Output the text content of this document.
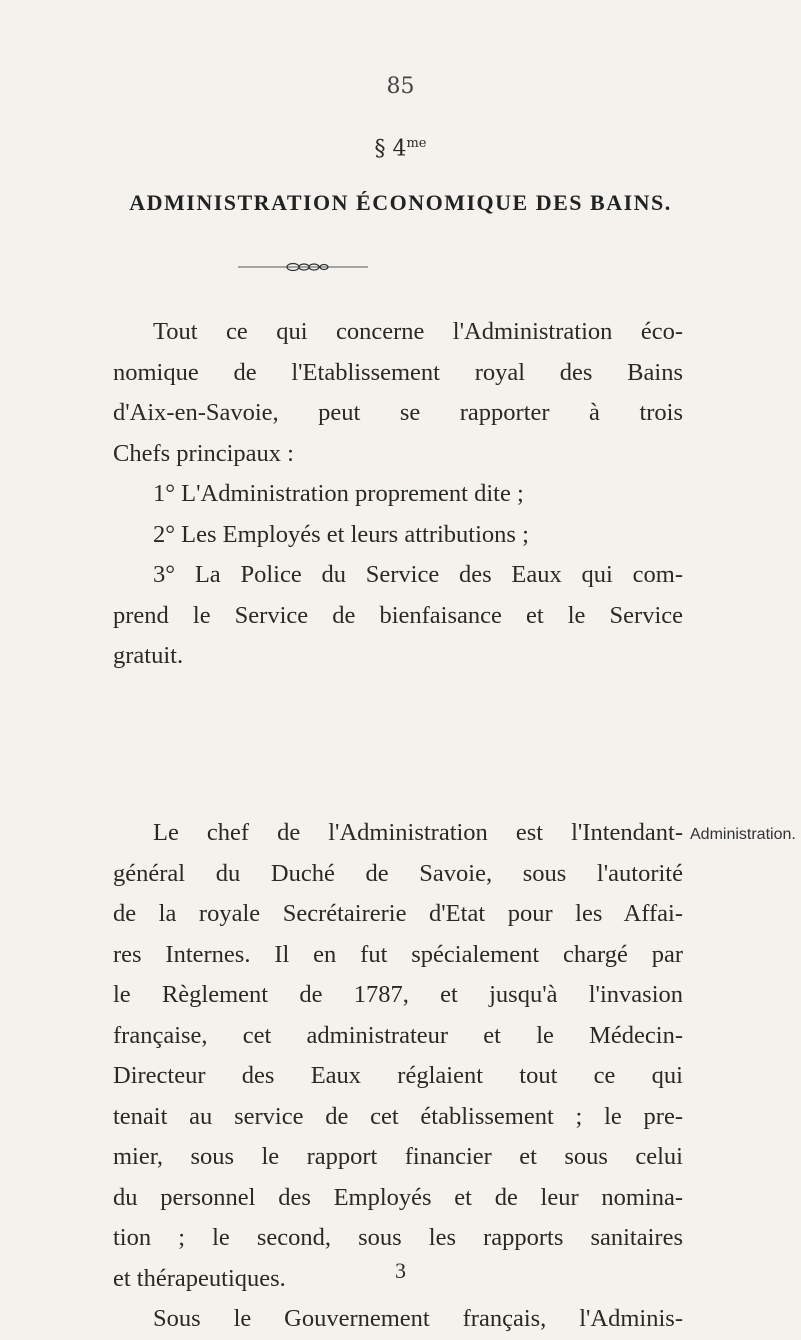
85
§ $4^{me}$
ADMINISTRATION ÉCONOMIQUE DES BAINS.
Tout ce qui concerne l'Administration éco-
nomique de l'Etablissement royal des Bains
d'Aix-en-Savoie, peut se rapporter à trois
Chefs principaux :
1° L'Administration proprement dite ;
2° Les Employés et leurs attributions ;
3° La Police du Service des Eaux qui com-
prend le Service de bienfaisance et le Service
gratuit.
Le chef de l'Administration est l'Intendant-
général du Duché de Savoie, sous l'autorité
de la royale Secrétairerie d'Etat pour les Affai-
res Internes. Il en fut spécialement chargé par
le Règlement de 1787, et jusqu'à l'invasion
française, cet administrateur et le Médecin-
Directeur des Eaux réglaient tout ce qui
tenait au service de cet établissement ; le pre-
mier, sous le rapport financier et sous celui
du personnel des Employés et de leur nomina-
tion ; le second, sous les rapports sanitaires
et thérapeutiques.
Sous le Gouvernement français, l'Adminis-
Administration.
3
